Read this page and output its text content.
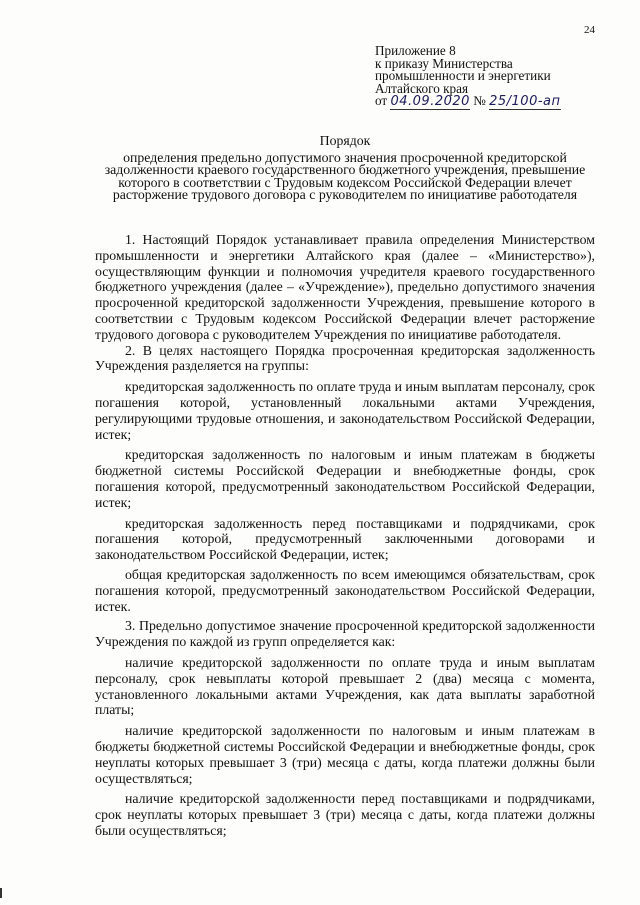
24
Приложение 8
к приказу Министерства
промышленности и энергетики
Алтайского края
от 04.09.2020 № 25/100-ап
Порядок
определения предельно допустимого значения просроченной кредиторской задолженности краевого государственного бюджетного учреждения, превышение которого в соответствии с Трудовым кодексом Российской Федерации влечет расторжение трудового договора с руководителем по инициативе работодателя

1. Настоящий Порядок устанавливает правила определения Министерством промышленности и энергетики Алтайского края (далее – «Министерство»), осуществляющим функции и полномочия учредителя краевого государственного бюджетного учреждения (далее – «Учреждение»), предельно допустимого значения просроченной кредиторской задолженности Учреждения, превышение которого в соответствии с Трудовым кодексом Российской Федерации влечет расторжение трудового договора с руководителем Учреждения по инициативе работодателя.

2. В целях настоящего Порядка просроченная кредиторская задолженность Учреждения разделяется на группы:

кредиторская задолженность по оплате труда и иным выплатам персоналу, срок погашения которой, установленный локальными актами Учреждения, регулирующими трудовые отношения, и законодательством Российской Федерации, истек;

кредиторская задолженность по налоговым и иным платежам в бюджеты бюджетной системы Российской Федерации и внебюджетные фонды, срок погашения которой, предусмотренный законодательством Российской Федерации, истек;

кредиторская задолженность перед поставщиками и подрядчиками, срок погашения которой, предусмотренный заключенными договорами и законодательством Российской Федерации, истек;

общая кредиторская задолженность по всем имеющимся обязательствам, срок погашения которой, предусмотренный законодательством Российской Федерации, истек.

3. Предельно допустимое значение просроченной кредиторской задолженности Учреждения по каждой из групп определяется как:

наличие кредиторской задолженности по оплате труда и иным выплатам персоналу, срок невыплаты которой превышает 2 (два) месяца с момента, установленного локальными актами Учреждения, как дата выплаты заработной платы;

наличие кредиторской задолженности по налоговым и иным платежам в бюджеты бюджетной системы Российской Федерации и внебюджетные фонды, срок неуплаты которых превышает 3 (три) месяца с даты, когда платежи должны были осуществляться;

наличие кредиторской задолженности перед поставщиками и подрядчиками, срок неуплаты которых превышает 3 (три) месяца с даты, когда платежи должны были осуществляться;
